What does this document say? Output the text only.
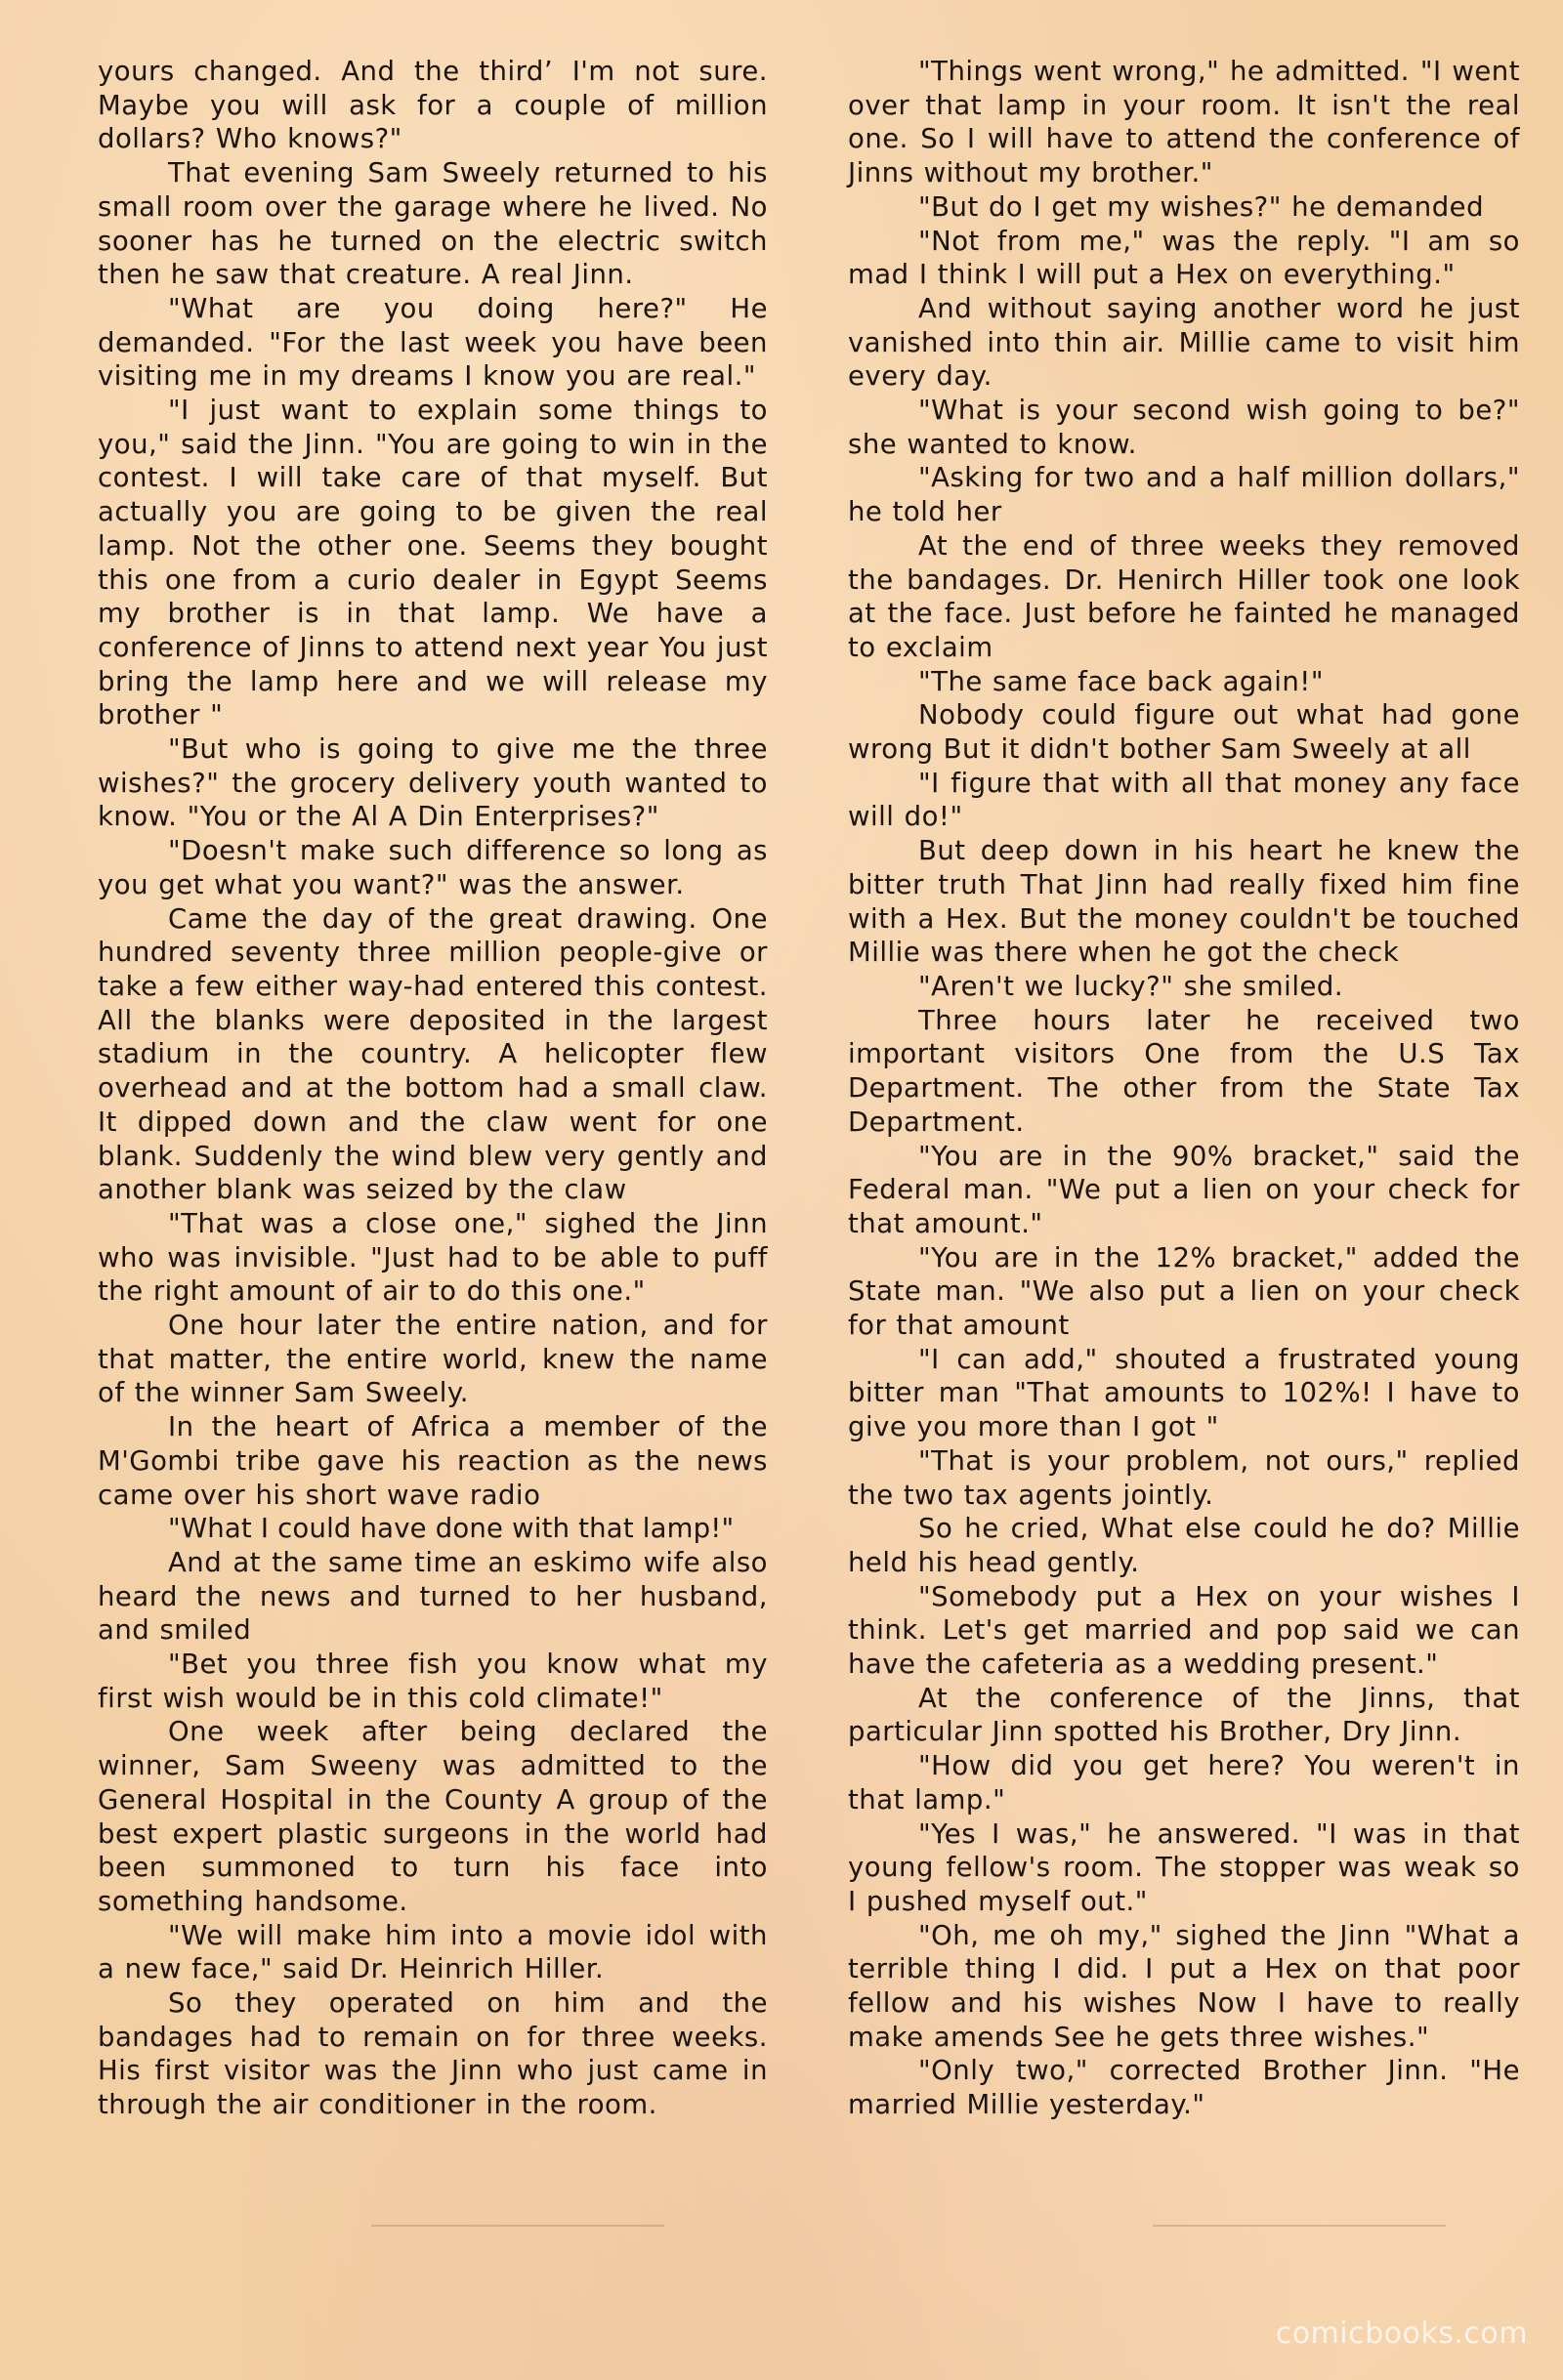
yours changed. And the third’ I'm not sure. Maybe you will ask for a couple of million dollars? Who knows?"

That evening Sam Sweely returned to his small room over the garage where he lived. No sooner has he turned on the electric switch then he saw that creature. A real Jinn.

"What are you doing here?" He demanded. "For the last week you have been visiting me in my dreams I know you are real."

"I just want to explain some things to you," said the Jinn. "You are going to win in the contest. I will take care of that myself. But actually you are going to be given the real lamp. Not the other one. Seems they bought this one from a curio dealer in Egypt Seems my brother is in that lamp. We have a conference of Jinns to attend next year You just bring the lamp here and we will release my brother "

"But who is going to give me the three wishes?" the grocery delivery youth wanted to know. "You or the Al A Din Enterprises?"

"Doesn't make such difference so long as you get what you want?" was the answer.

Came the day of the great drawing. One hundred seventy three million people-give or take a few either way-had entered this contest. All the blanks were deposited in the largest stadium in the country. A helicopter flew overhead and at the bottom had a small claw. It dipped down and the claw went for one blank. Suddenly the wind blew very gently and another blank was seized by the claw

"That was a close one," sighed the Jinn who was invisible. "Just had to be able to puff the right amount of air to do this one."

One hour later the entire nation, and for that matter, the entire world, knew the name of the winner Sam Sweely.

In the heart of Africa a member of the M'Gombi tribe gave his reaction as the news came over his short wave radio

"What I could have done with that lamp!"

And at the same time an eskimo wife also heard the news and turned to her husband, and smiled

"Bet you three fish you know what my first wish would be in this cold climate!"

One week after being declared the winner, Sam Sweeny was admitted to the General Hospital in the County A group of the best expert plastic surgeons in the world had been summoned to turn his face into something handsome.

"We will make him into a movie idol with a new face," said Dr. Heinrich Hiller.

So they operated on him and the bandages had to remain on for three weeks. His first visitor was the Jinn who just came in through the air conditioner in the room.

"Things went wrong," he admitted. "I went over that lamp in your room. It isn't the real one. So I will have to attend the conference of Jinns without my brother."

"But do I get my wishes?" he demanded

"Not from me," was the reply. "I am so mad I think I will put a Hex on everything."

And without saying another word he just vanished into thin air. Millie came to visit him every day.

"What is your second wish going to be?" she wanted to know.

"Asking for two and a half million dollars," he told her

At the end of three weeks they removed the bandages. Dr. Henirch Hiller took one look at the face. Just before he fainted he managed to exclaim

"The same face back again!"

Nobody could figure out what had gone wrong But it didn't bother Sam Sweely at all

"I figure that with all that money any face will do!"

But deep down in his heart he knew the bitter truth That Jinn had really fixed him fine with a Hex. But the money couldn't be touched Millie was there when he got the check

"Aren't we lucky?" she smiled.

Three hours later he received two important visitors One from the U.S Tax Department. The other from the State Tax Department.

"You are in the 90% bracket," said the Federal man. "We put a lien on your check for that amount."

"You are in the 12% bracket," added the State man. "We also put a lien on your check for that amount

"I can add," shouted a frustrated young bitter man "That amounts to 102%! I have to give you more than I got "

"That is your problem, not ours," replied the two tax agents jointly.

So he cried, What else could he do? Millie held his head gently.

"Somebody put a Hex on your wishes I think. Let's get married and pop said we can have the cafeteria as a wedding present."

At the conference of the Jinns, that particular Jinn spotted his Brother, Dry Jinn.

"How did you get here? You weren't in that lamp."

"Yes I was," he answered. "I was in that young fellow's room. The stopper was weak so I pushed myself out."

"Oh, me oh my," sighed the Jinn "What a terrible thing I did. I put a Hex on that poor fellow and his wishes Now I have to really make amends See he gets three wishes."

"Only two," corrected Brother Jinn. "He married Millie yesterday."

comicbooks.com
